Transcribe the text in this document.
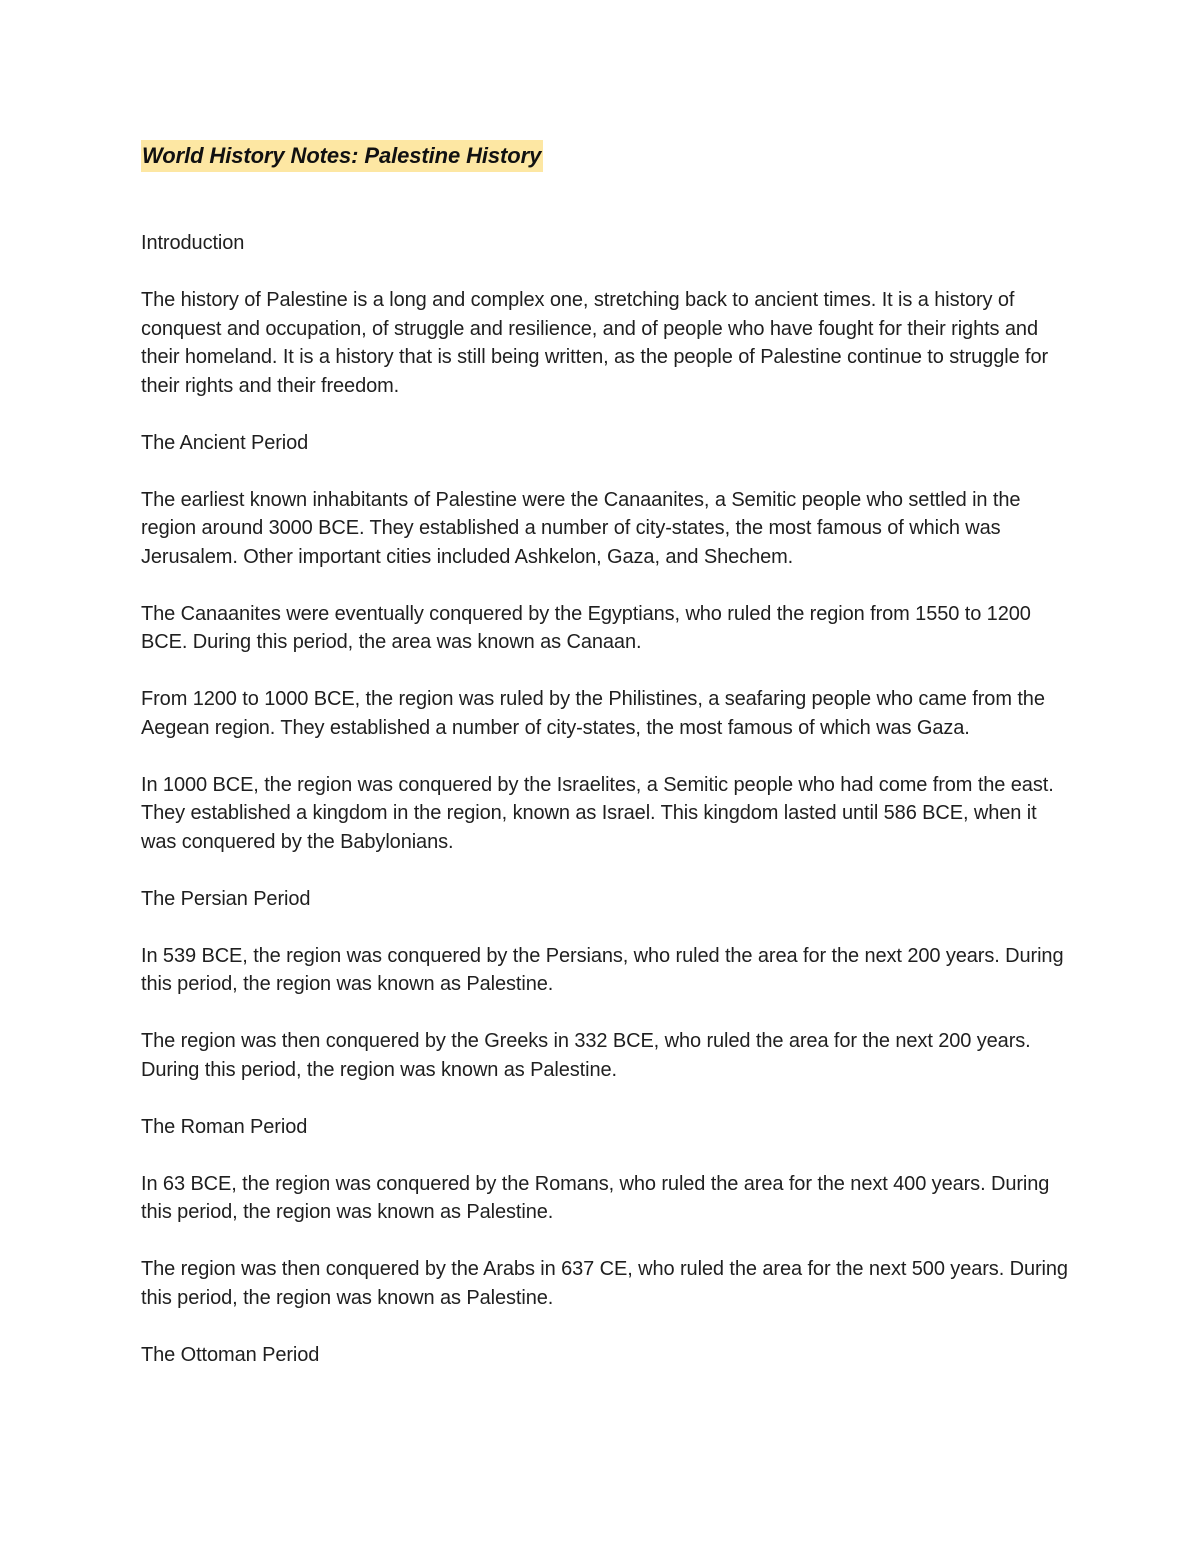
World History Notes: Palestine History
Introduction
The history of Palestine is a long and complex one, stretching back to ancient times. It is a history of conquest and occupation, of struggle and resilience, and of people who have fought for their rights and their homeland. It is a history that is still being written, as the people of Palestine continue to struggle for their rights and their freedom.
The Ancient Period
The earliest known inhabitants of Palestine were the Canaanites, a Semitic people who settled in the region around 3000 BCE. They established a number of city-states, the most famous of which was Jerusalem. Other important cities included Ashkelon, Gaza, and Shechem.
The Canaanites were eventually conquered by the Egyptians, who ruled the region from 1550 to 1200 BCE. During this period, the area was known as Canaan.
From 1200 to 1000 BCE, the region was ruled by the Philistines, a seafaring people who came from the Aegean region. They established a number of city-states, the most famous of which was Gaza.
In 1000 BCE, the region was conquered by the Israelites, a Semitic people who had come from the east. They established a kingdom in the region, known as Israel. This kingdom lasted until 586 BCE, when it was conquered by the Babylonians.
The Persian Period
In 539 BCE, the region was conquered by the Persians, who ruled the area for the next 200 years. During this period, the region was known as Palestine.
The region was then conquered by the Greeks in 332 BCE, who ruled the area for the next 200 years. During this period, the region was known as Palestine.
The Roman Period
In 63 BCE, the region was conquered by the Romans, who ruled the area for the next 400 years. During this period, the region was known as Palestine.
The region was then conquered by the Arabs in 637 CE, who ruled the area for the next 500 years. During this period, the region was known as Palestine.
The Ottoman Period
